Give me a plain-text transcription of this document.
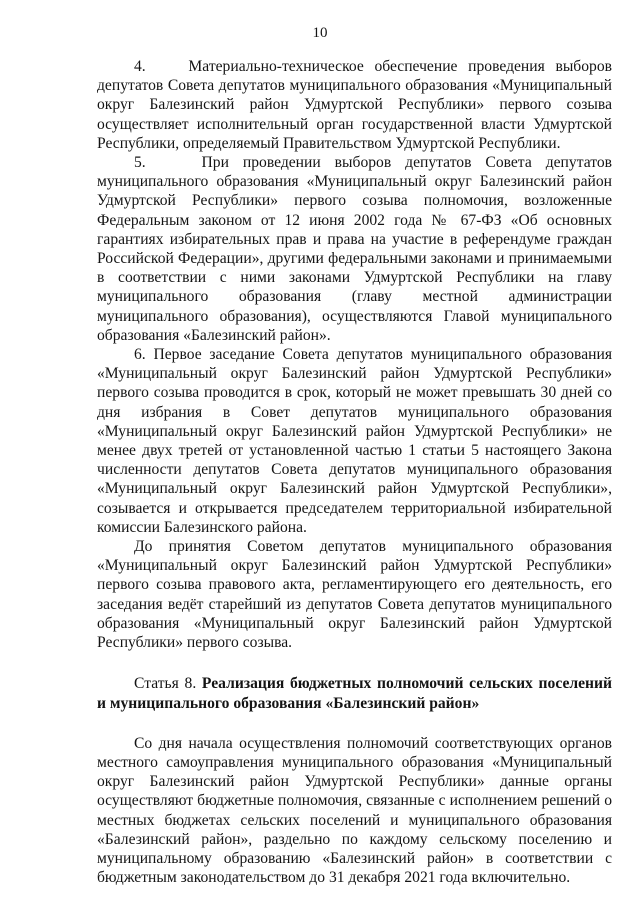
10

4.    Материально-техническое обеспечение проведения выборов депутатов Совета депутатов муниципального образования «Муниципальный округ Балезинский район Удмуртской Республики» первого созыва осуществляет исполнительный орган государственной власти Удмуртской Республики, определяемый Правительством Удмуртской Республики.

5.    При проведении выборов депутатов Совета депутатов муниципального образования «Муниципальный округ Балезинский район Удмуртской Республики» первого созыва полномочия, возложенные Федеральным законом от 12 июня 2002 года № 67-ФЗ «Об основных гарантиях избирательных прав и права на участие в референдуме граждан Российской Федерации», другими федеральными законами и принимаемыми в соответствии с ними законами Удмуртской Республики на главу муниципального образования (главу местной администрации муниципального образования), осуществляются Главой муниципального образования «Балезинский район».

6. Первое заседание Совета депутатов муниципального образования «Муниципальный округ Балезинский район Удмуртской Республики» первого созыва проводится в срок, который не может превышать 30 дней со дня избрания в Совет депутатов муниципального образования «Муниципальный округ Балезинский район Удмуртской Республики» не менее двух третей от установленной частью 1 статьи 5 настоящего Закона численности депутатов Совета депутатов муниципального образования «Муниципальный округ Балезинский район Удмуртской Республики», созывается и открывается председателем территориальной избирательной комиссии Балезинского района.

До принятия Советом депутатов муниципального образования «Муниципальный округ Балезинский район Удмуртской Республики» первого созыва правового акта, регламентирующего его деятельность, его заседания ведёт старейший из депутатов Совета депутатов муниципального образования «Муниципальный округ Балезинский район Удмуртской Республики» первого созыва.

Статья 8. Реализация бюджетных полномочий сельских поселений и муниципального образования «Балезинский район»

Со дня начала осуществления полномочий соответствующих органов местного самоуправления муниципального образования «Муниципальный округ Балезинский район Удмуртской Республики» данные органы осуществляют бюджетные полномочия, связанные с исполнением решений о местных бюджетах сельских поселений и муниципального образования «Балезинский район», раздельно по каждому сельскому поселению и муниципальному образованию «Балезинский район» в соответствии с бюджетным законодательством до 31 декабря 2021 года включительно.
